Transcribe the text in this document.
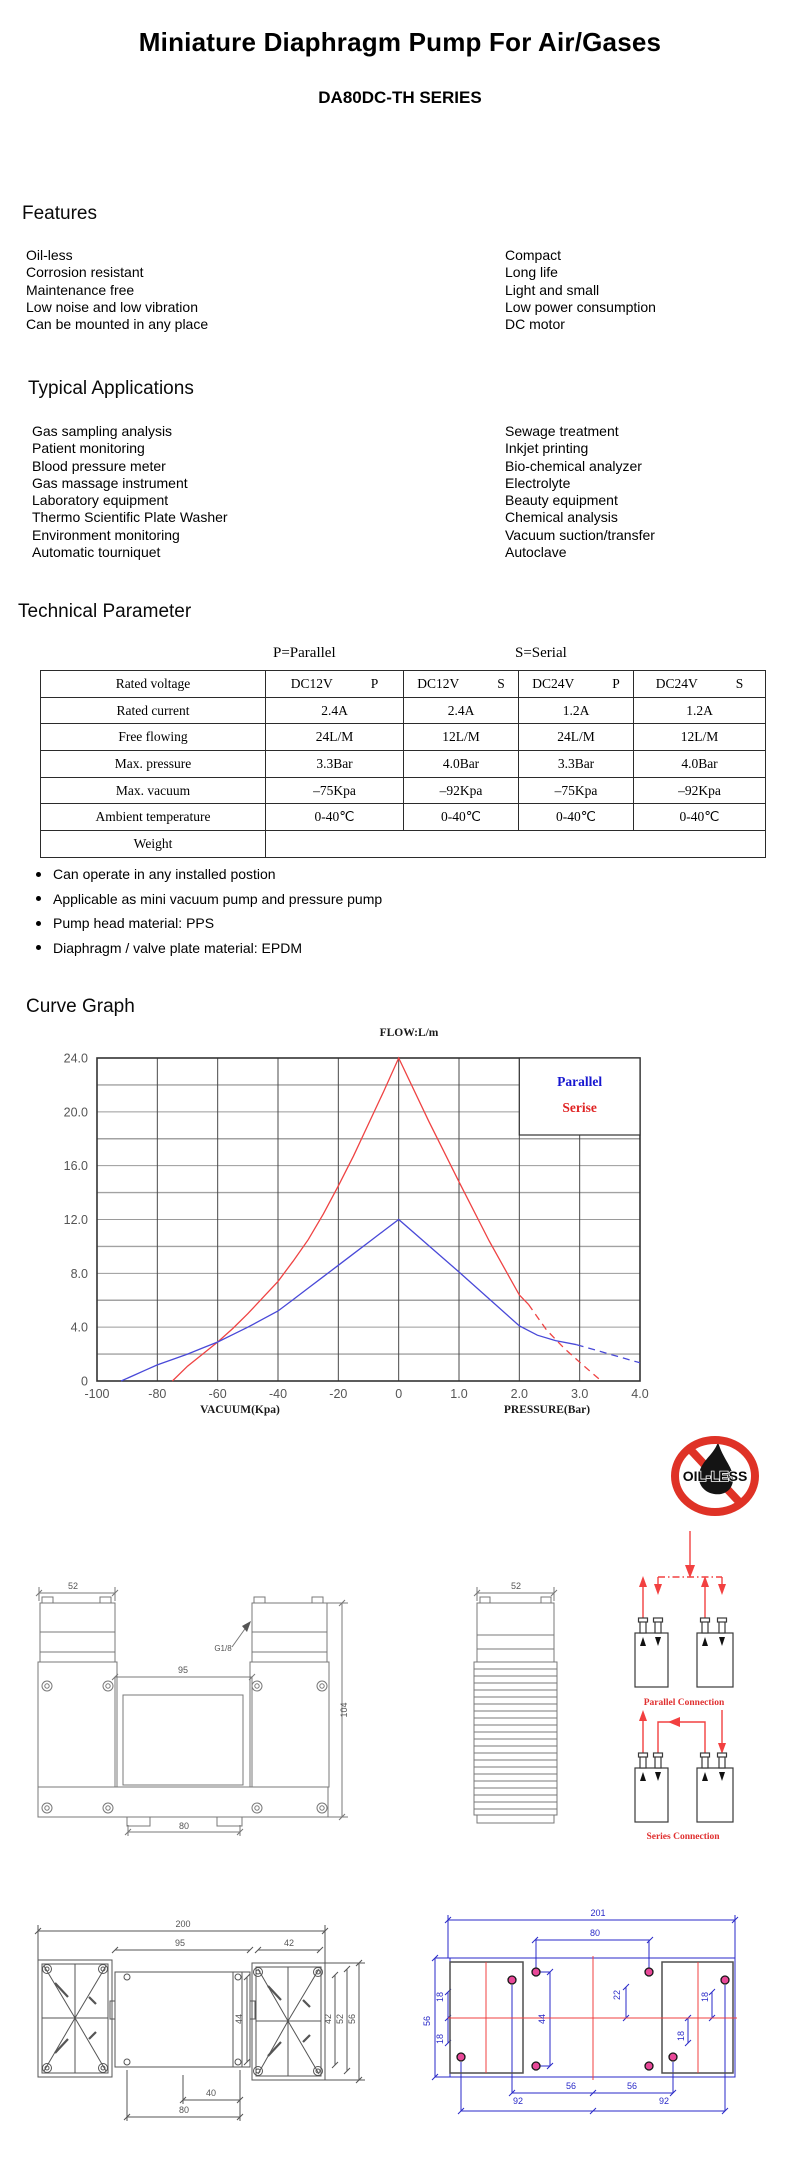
Miniature Diaphragm Pump For Air/Gases
DA80DC-TH SERIES
Features
Oil-less
Corrosion resistant
Maintenance free
Low noise and low vibration
Can be mounted in any place
Compact
Long life
Light and small
Low power consumption
DC motor
Typical Applications
Gas sampling analysis
Patient monitoring
Blood pressure meter
Gas massage instrument
Laboratory equipment
Thermo Scientific Plate Washer
Environment monitoring
Automatic tourniquet
Sewage treatment
Inkjet printing
Bio-chemical analyzer
Electrolyte
Beauty equipment
Chemical analysis
Vacuum suction/transfer
Autoclave
Technical Parameter
P=Parallel	S=Serial
Rated voltage	DC12V P	DC12V S	DC24V P	DC24V S

Rated current	2.4A	2.4A	1.2A	1.2A
Free flowing	24L/M	12L/M	24L/M	12L/M
Max. pressure	3.3Bar	4.0Bar	3.3Bar	4.0Bar
Max. vacuum	–75Kpa	–92Kpa	–75Kpa	–92Kpa
Ambient temperature	0-40℃	0-40℃	0-40℃	0-40℃
Weight				
Can operate in any installed postion
Applicable as mini vacuum pump and pressure pump
Pump head material: PPS
Diaphragm / valve plate material: EPDM
Curve Graph
0
4.0
8.0
12.0
16.0
20.0
24.0
-100	-80	-60	-40	-20	0	1.0	2.0	3.0	4.0
VACUUM(Kpa)	PRESSURE(Bar)
FLOW:L/m
Parallel
Serise
OIL-LESS
Parallel Connection
Series Connection
52
G1/8
95
104
80
52
200
95	42
44
40
80
42 52 56
201
80
56
18
18
44
22	18
18
56	56
92	92
